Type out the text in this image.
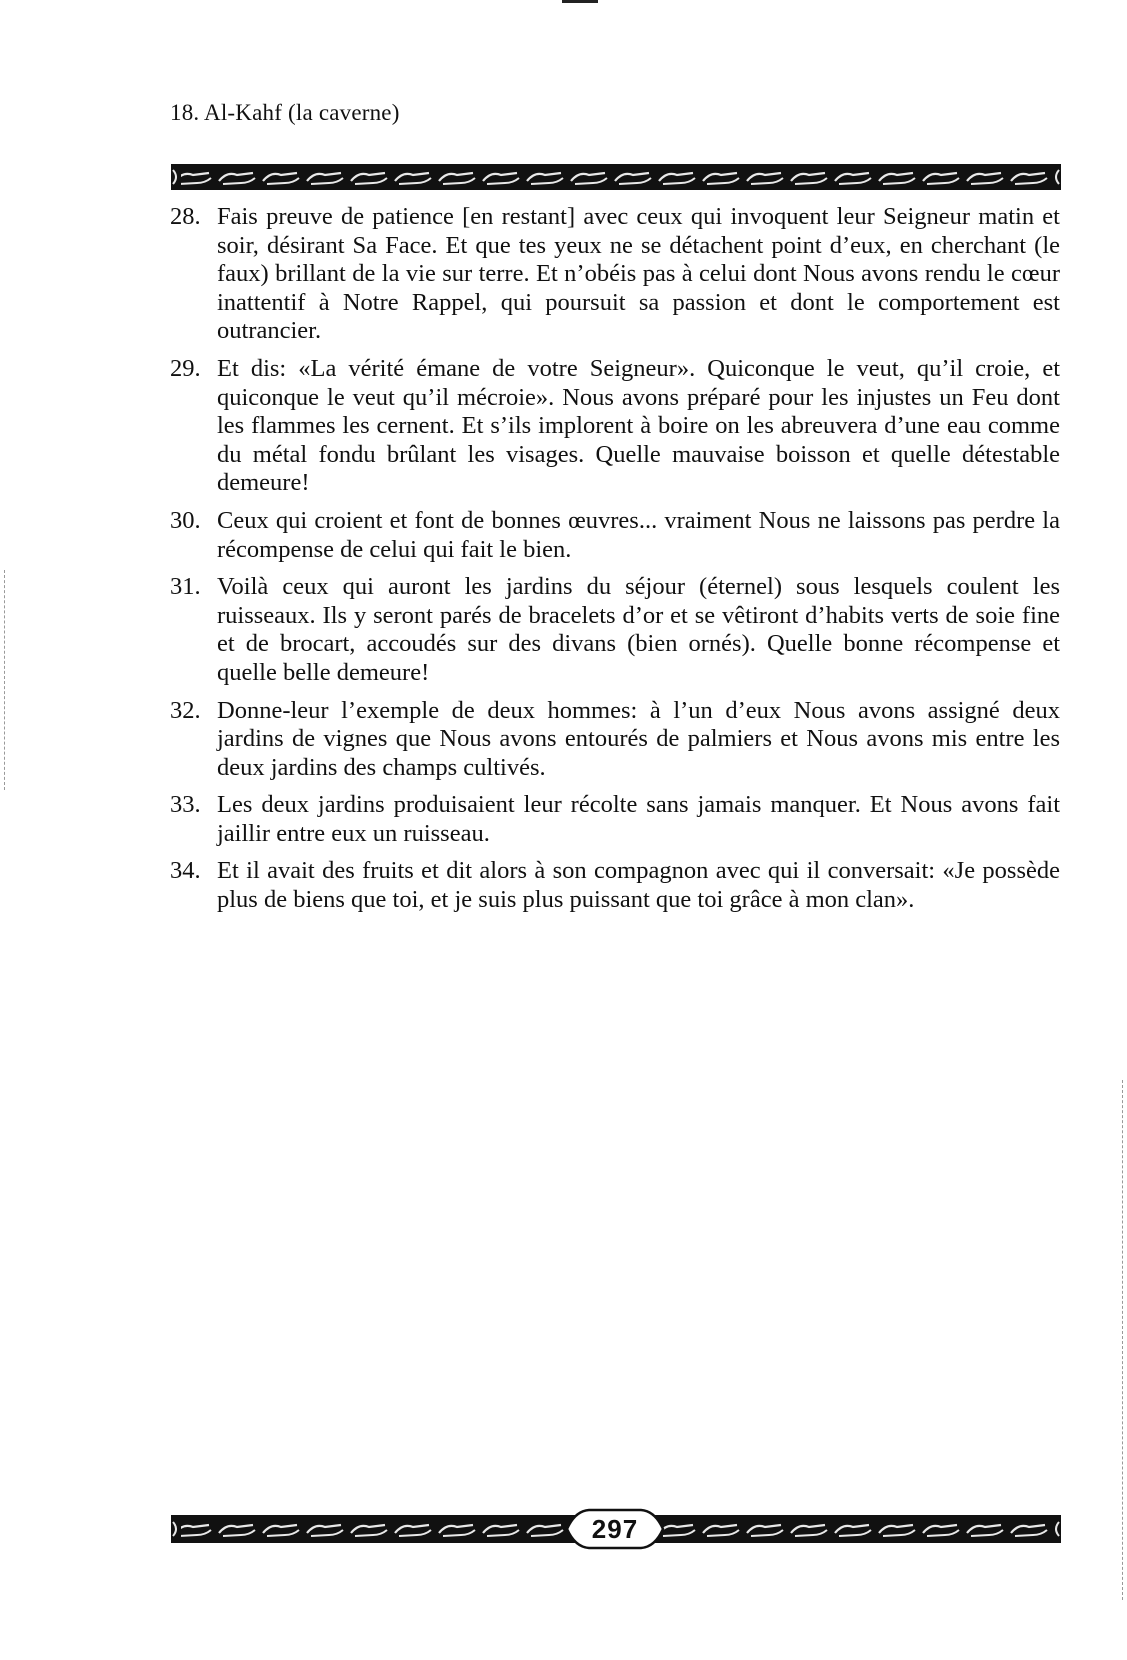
18. Al-Kahf (la caverne)
28. Fais preuve de patience [en restant] avec ceux qui invoquent leur Seigneur matin et soir, désirant Sa Face. Et que tes yeux ne se détachent point d’eux, en cherchant (le faux) brillant de la vie sur terre. Et n’obéis pas à celui dont Nous avons rendu le cœur inattentif à Notre Rappel, qui poursuit sa passion et dont le comportement est outrancier.
29. Et dis: «La vérité émane de votre Seigneur». Quiconque le veut, qu’il croie, et quiconque le veut qu’il mécroie». Nous avons préparé pour les injustes un Feu dont les flammes les cernent. Et s’ils implorent à boire on les abreuvera d’une eau comme du métal fondu brûlant les visages. Quelle mauvaise boisson et quelle détestable demeure!
30. Ceux qui croient et font de bonnes œuvres... vraiment Nous ne laissons pas perdre la récompense de celui qui fait le bien.
31. Voilà ceux qui auront les jardins du séjour (éternel) sous lesquels coulent les ruisseaux. Ils y seront parés de bracelets d’or et se vêtiront d’habits verts de soie fine et de brocart, accoudés sur des divans (bien ornés). Quelle bonne récompense et quelle belle demeure!
32. Donne-leur l’exemple de deux hommes: à l’un d’eux Nous avons assigné deux jardins de vignes que Nous avons entourés de palmiers et Nous avons mis entre les deux jardins des champs cultivés.
33. Les deux jardins produisaient leur récolte sans jamais manquer. Et Nous avons fait jaillir entre eux un ruisseau.
34. Et il avait des fruits et dit alors à son compagnon avec qui il conversait: «Je possède plus de biens que toi, et je suis plus puissant que toi grâce à mon clan».
297
